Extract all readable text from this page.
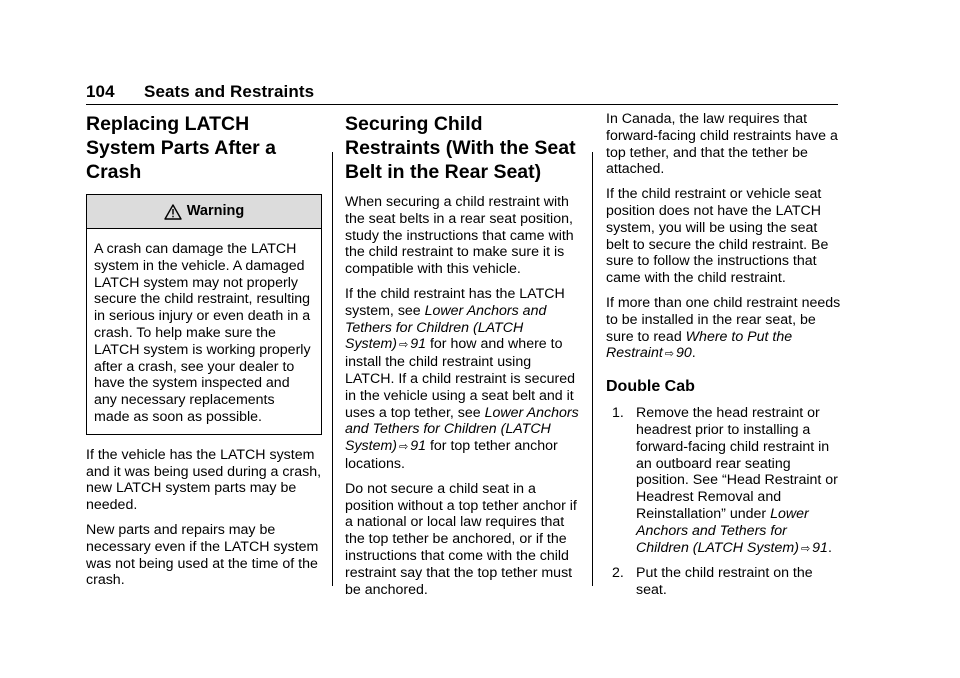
104 Seats and Restraints
Replacing LATCH System Parts After a Crash
Warning
A crash can damage the LATCH system in the vehicle. A damaged LATCH system may not properly secure the child restraint, resulting in serious injury or even death in a crash. To help make sure the LATCH system is working properly after a crash, see your dealer to have the system inspected and any necessary replacements made as soon as possible.

If the vehicle has the LATCH system and it was being used during a crash, new LATCH system parts may be needed.

New parts and repairs may be necessary even if the LATCH system was not being used at the time of the crash.

Securing Child Restraints (With the Seat Belt in the Rear Seat)

When securing a child restraint with the seat belts in a rear seat position, study the instructions that came with the child restraint to make sure it is compatible with this vehicle.

If the child restraint has the LATCH system, see Lower Anchors and Tethers for Children (LATCH System) ⇨ 91 for how and where to install the child restraint using LATCH. If a child restraint is secured in the vehicle using a seat belt and it uses a top tether, see Lower Anchors and Tethers for Children (LATCH System) ⇨ 91 for top tether anchor locations.

Do not secure a child seat in a position without a top tether anchor if a national or local law requires that the top tether be anchored, or if the instructions that come with the child restraint say that the top tether must be anchored.

In Canada, the law requires that forward-facing child restraints have a top tether, and that the tether be attached.

If the child restraint or vehicle seat position does not have the LATCH system, you will be using the seat belt to secure the child restraint. Be sure to follow the instructions that came with the child restraint.

If more than one child restraint needs to be installed in the rear seat, be sure to read Where to Put the Restraint ⇨ 90.

Double Cab
1. Remove the head restraint or headrest prior to installing a forward-facing child restraint in an outboard rear seating position. See “Head Restraint or Headrest Removal and Reinstallation” under Lower Anchors and Tethers for Children (LATCH System) ⇨ 91.
2. Put the child restraint on the seat.
